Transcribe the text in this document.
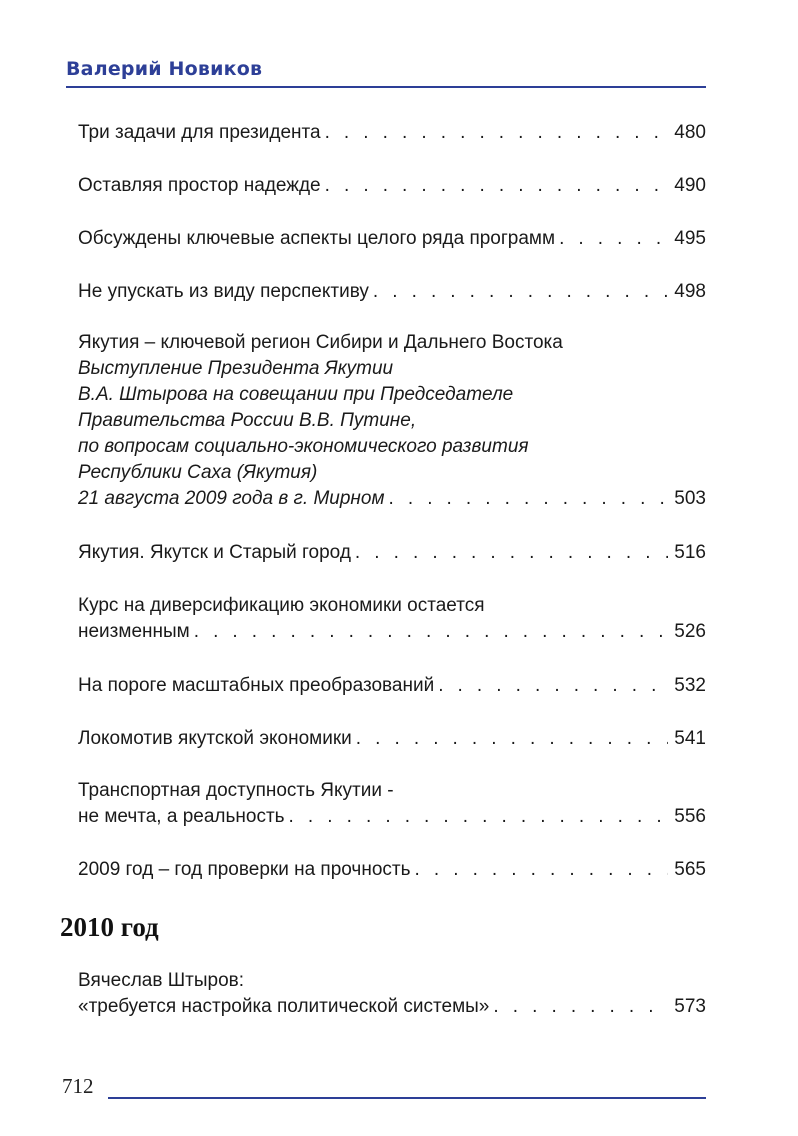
Валерий Новиков
Три задачи для президента . . .	480
Оставляя простор надежде . . .	490
Обсуждены ключевые аспекты целого ряда программ . . .	495
Не упускать из виду перспективу . . .	498
Якутия – ключевой регион Сибири и Дальнего Востока
Выступление Президента Якутии
В.А. Штырова на совещании при Председателе
Правительства России В.В. Путине,
по вопросам социально-экономического развития
Республики Саха (Якутия)
21 августа 2009 года в г. Мирном . . .	503
Якутия. Якутск и Старый город . . .	516
Курс на диверсификацию экономики остается
неизменным . . .	526
На пороге масштабных преобразований . . .	532
Локомотив якутской экономики . . .	541
Транспортная доступность Якутии -
не мечта, а реальность . . .	556
2009 год – год проверки на прочность . . .	565
Вячеслав Штыров:
«требуется настройка политической системы» . . .	573
2010 год
712
